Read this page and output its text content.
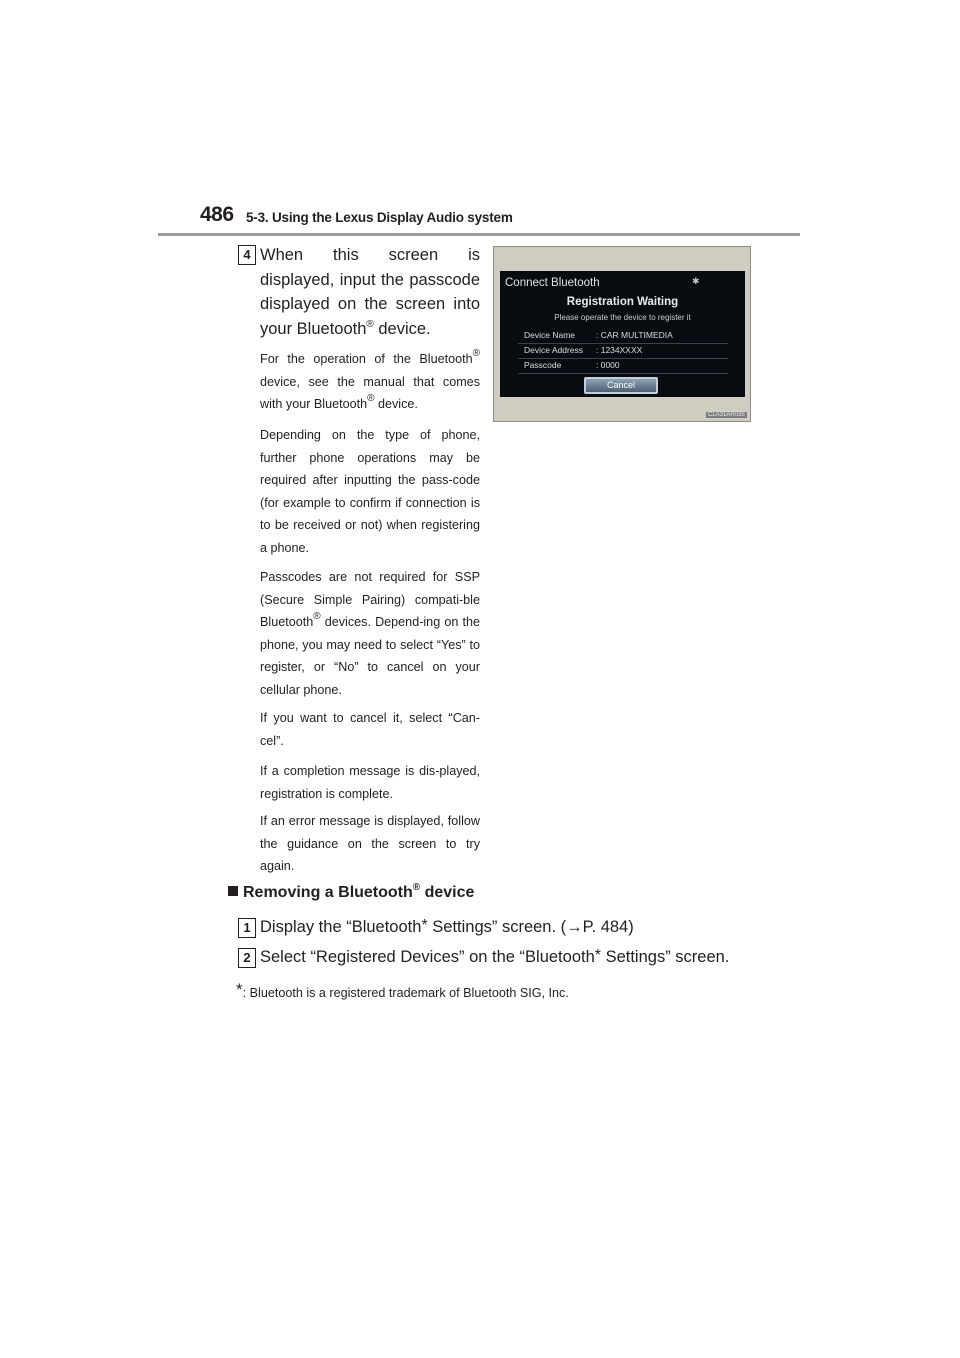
486 5-3. Using the Lexus Display Audio system
4 When this screen is displayed, input the passcode displayed on the screen into your Bluetooth® device.
For the operation of the Bluetooth® device, see the manual that comes with your Bluetooth® device.
Depending on the type of phone, further phone operations may be required after inputting the pass-code (for example to confirm if connection is to be received or not) when registering a phone.
Passcodes are not required for SSP (Secure Simple Pairing) compati-ble Bluetooth® devices. Depend-ing on the phone, you may need to select “Yes” to register, or “No” to cancel on your cellular phone.
If you want to cancel it, select “Can-cel”.
If a completion message is dis-played, registration is complete.
If an error message is displayed, follow the guidance on the screen to try again.
Connect Bluetooth	✱
Registration Waiting
Please operate the device to register it
Device Name : CAR MULTIMEDIA
Device Address : 1234XXXX
Passcode	: 0000
Cancel
CLA31AR035
Removing a Bluetooth® device
1 Display the “Bluetooth* Settings” screen. (→P. 484)
2 Select “Registered Devices” on the “Bluetooth* Settings” screen.
*: Bluetooth is a registered trademark of Bluetooth SIG, Inc.
